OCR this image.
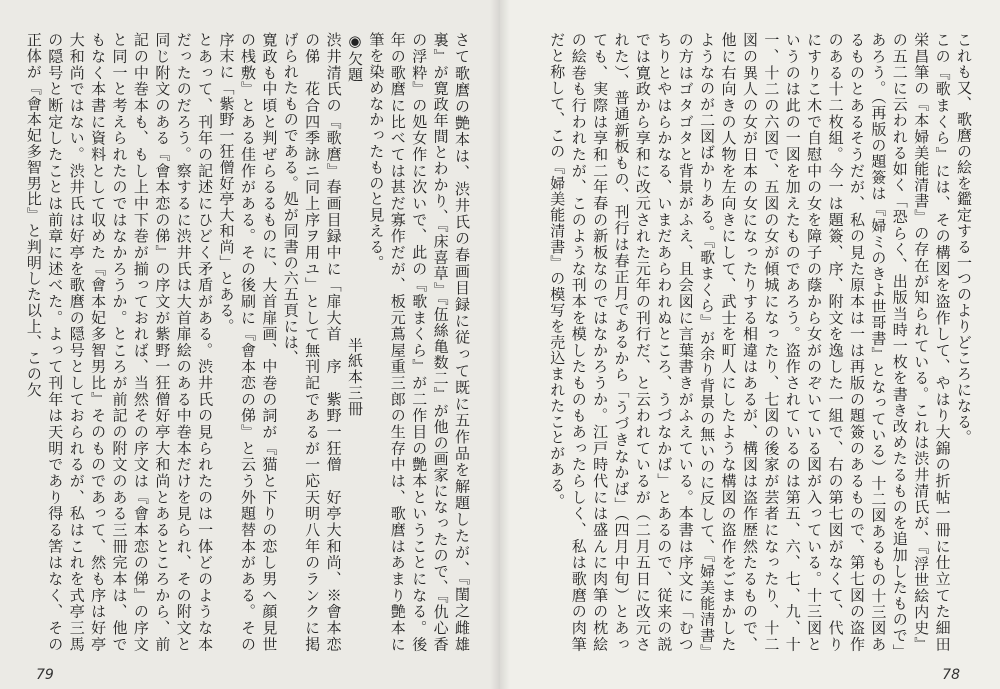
さて歌麿の艶本は、渋井氏の春画目録に従って既に五作品を解題したが、『閨之雌雄裏』が寛政年間とわかり、『床喜草』『伍絲亀数二』が他の画家になったので、『仇心香の浮粋』の処女作に次いで、此の『歌まくら』が二作目の艶本ということになる。後年の歌麿に比べては甚だ寡作だが、板元蔦屋重三郎の生存中は、歌麿はあまり艶本に筆を染めなかったものと見える。
◉欠題　　　　　　　　　　　　　　　　半紙本三冊
渋井清氏の『歌麿』春画目録中に「扉大首　序　紫野一狂僧　好亭大和尚、※會本恋の俤　花合四季詠ニ同上序ヲ用ユ」として無刊記であるが一応天明八年のランクに掲げられたものである。処が同書の六五頁には、
寛政も中頃と判ぜらるるものに、大首扉画、中巻の詞が『猫と下りの恋し男へ顔見世の桟敷』とある佳作がある。その後刷に『會本恋の俤』と云う外題替本がある。その序末に「紫野一狂僧好亭大和尚」とある。
とあって、刊年の記述にひどく矛盾がある。渋井氏の見られたのは一体どのような本だったのだろう。察するに渋井氏は大首扉絵のある中巻本だけを見られ、その附文と同じ附文のある『會本恋の俤』の序文が紫野一狂僧好亭大和尚とあるところから、前記の中巻本も、もし上中下巻が揃っておれば、当然その序文は『會本恋の俤』の序文と同一と考えられたのではなかろうか。ところが前記の附文のある三冊完本は、他でもなく本書に資料として収めた『會本妃多智男比』そのものであって、然も序は好亭大和尚ではない。渋井氏は好亭を歌麿の隠号としておられるが、私はこれを式亭三馬の隠号と断定したことは前章に述べた。よって刊年は天明であり得る筈はなく、その正体が『會本妃多智男比』と判明した以上、この欠
79
これも又、歌麿の絵を鑑定する一つのよりどころになる。
この『歌まくら』には、その構図を盗作して、やはり大錦の折帖一冊に仕立てた細田栄昌筆の『本婦美能清書』の存在が知られている。これは渋井清氏が、『浮世絵内史』の五二に云われる如く「恐らく、出版当時一枚を書き改めたるものを追加したもので」あろう。（再版の題簽は『婦ミのきよ世哥書』となっている）十二図あるもの十三図あるものとあるそうだが、私の見た原本は一は再版の題簽のあるもので、第七図の盗作のある十二枚組。今一は題簽、序、附文を逸した一組で、右の第七図がなくて、代りにすりこ木で自慰中の女を障子の蔭から女がのぞいている図が入っている。十三図というのは此の一図を加えたものであろう。盗作されているのは第五、六、七、九、十一、十二の六図で、五図の女が傾城になったり、七図の後家が芸者になったり、十二図の異人の女が日本の女になったりする相違はあるが、構図は盗作歴然たるもので、他に右向きの人物を左向きにして、武士を町人にしたような構図の盗作をごまかしたようなのが二図ばかりある。『歌まくら』が余り背景の無いのに反して、『婦美能清書』の方はゴタゴタと背景がふえ、且会図に言葉書きがふえている。本書は序文に「むつちりとやはらかなる、いまだあらわれぬところ、うづなかば」とあるので、従来の説では寛政から享和に改元された元年の刊行だ、と云われているが（二月五日に改元された）、普通新板もの、刊行は春正月であるから「うづきなかば」（四月中旬）とあっても、実際は享和二年春の新板なのではなかろうか。江戸時代には盛んに肉筆の枕絵の絵巻も行われたが、このような刊本を模したものもあったらしく、私は歌麿の肉筆だと称して、この『婦美能清書』の模写を売込まれたことがある。
78
